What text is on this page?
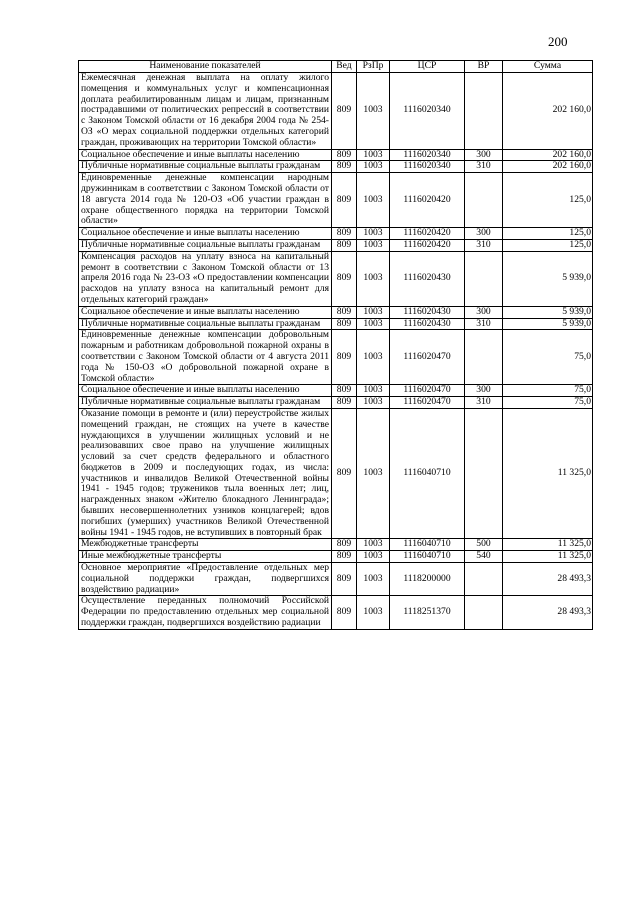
200
Наименование показателей	Вед	РзПр	ЦСР	ВР	Сумма
Ежемесячная денежная выплата на оплату жилого помещения и коммунальных услуг и компенсационная доплата реабилитированным лицам и лицам, признанным пострадавшими от политических репрессий в соответствии с Законом Томской области от 16 декабря 2004 года № 254-ОЗ «О мерах социальной поддержки отдельных категорий граждан, проживающих на территории Томской области»	809	1003	1116020340		202 160,0
Социальное обеспечение и иные выплаты населению	809	1003	1116020340	300	202 160,0
Публичные нормативные социальные выплаты гражданам	809	1003	1116020340	310	202 160,0
Единовременные денежные компенсации народным дружинникам в соответствии с Законом Томской области от 18 августа 2014 года № 120-ОЗ «Об участии граждан в охране общественного порядка на территории Томской области»	809	1003	1116020420		125,0
Социальное обеспечение и иные выплаты населению	809	1003	1116020420	300	125,0
Публичные нормативные социальные выплаты гражданам	809	1003	1116020420	310	125,0
Компенсация расходов на уплату взноса на капитальный ремонт в соответствии с Законом Томской области от 13 апреля 2016 года № 23-ОЗ «О предоставлении компенсации расходов на уплату взноса на капитальный ремонт для отдельных категорий граждан»	809	1003	1116020430		5 939,0
Социальное обеспечение и иные выплаты населению	809	1003	1116020430	300	5 939,0
Публичные нормативные социальные выплаты гражданам	809	1003	1116020430	310	5 939,0
Единовременные денежные компенсации добровольным пожарным и работникам добровольной пожарной охраны в соответствии с Законом Томской области от 4 августа 2011 года № 150-ОЗ «О добровольной пожарной охране в Томской области»	809	1003	1116020470		75,0
Социальное обеспечение и иные выплаты населению	809	1003	1116020470	300	75,0
Публичные нормативные социальные выплаты гражданам	809	1003	1116020470	310	75,0
Оказание помощи в ремонте и (или) переустройстве жилых помещений граждан, не стоящих на учете в качестве нуждающихся в улучшении жилищных условий и не реализовавших свое право на улучшение жилищных условий за счет средств федерального и областного бюджетов в 2009 и последующих годах, из числа: участников и инвалидов Великой Отечественной войны 1941 - 1945 годов; тружеников тыла военных лет; лиц, награжденных знаком «Жителю блокадного Ленинграда»; бывших несовершеннолетних узников концлагерей; вдов погибших (умерших) участников Великой Отечественной войны 1941 - 1945 годов, не вступивших в повторный брак	809	1003	1116040710		11 325,0
Межбюджетные трансферты	809	1003	1116040710	500	11 325,0
Иные межбюджетные трансферты	809	1003	1116040710	540	11 325,0
Основное мероприятие «Предоставление отдельных мер социальной поддержки граждан, подвергшихся воздействию радиации»	809	1003	1118200000		28 493,3
Осуществление переданных полномочий Российской Федерации по предоставлению отдельных мер социальной поддержки граждан, подвергшихся воздействию радиации	809	1003	1118251370		28 493,3
